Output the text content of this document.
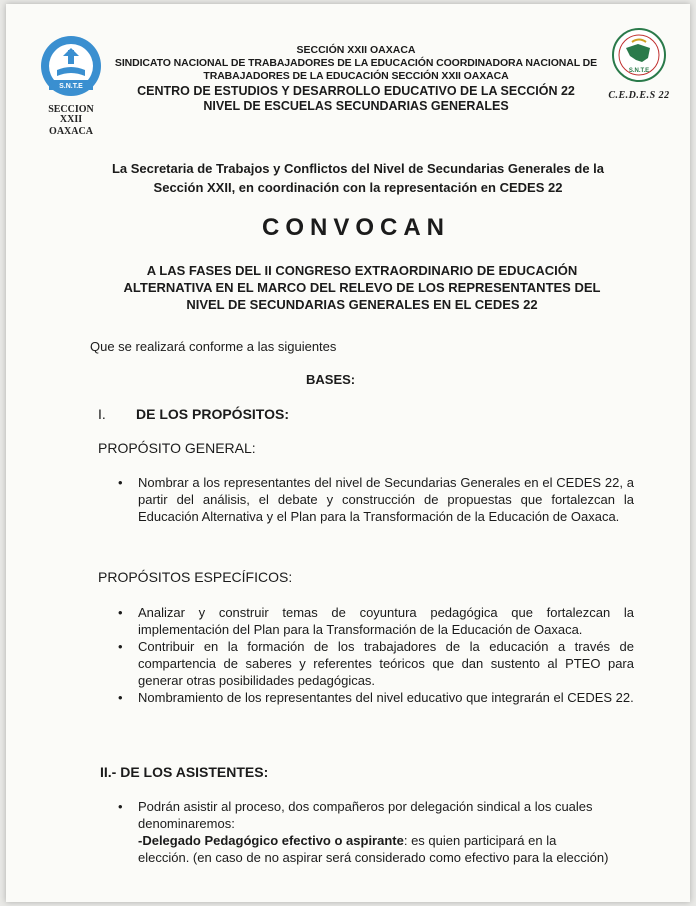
S.N.T.E
SECCION XXII
OAXACA
S.N.T.E
C.E.D.E.S 22
SECCIÓN XXII OAXACA
SINDICATO NACIONAL DE TRABAJADORES DE LA EDUCACIÓN COORDINADORA NACIONAL DE
TRABAJADORES DE LA EDUCACIÓN SECCIÓN XXII OAXACA
CENTRO DE ESTUDIOS Y DESARROLLO EDUCATIVO DE LA SECCIÓN 22
NIVEL DE ESCUELAS SECUNDARIAS GENERALES
La Secretaria de Trabajos y Conflictos del Nivel de Secundarias Generales de la
Sección XXII, en coordinación con la representación en CEDES 22
CONVOCAN
A LAS FASES DEL II CONGRESO EXTRAORDINARIO DE EDUCACIÓN
ALTERNATIVA EN EL MARCO DEL RELEVO DE LOS REPRESENTANTES DEL
NIVEL DE SECUNDARIAS GENERALES EN EL CEDES 22
Que se realizará conforme a las siguientes
BASES:
I. DE LOS PROPÓSITOS:
PROPÓSITO GENERAL:
• Nombrar a los representantes del nivel de Secundarias Generales en el CEDES 22, a partir del análisis, el debate y construcción de propuestas que fortalezcan la Educación Alternativa y el Plan para la Transformación de la Educación de Oaxaca.
PROPÓSITOS ESPECÍFICOS:
• Analizar y construir temas de coyuntura pedagógica que fortalezcan la implementación del Plan para la Transformación de la Educación de Oaxaca.
• Contribuir en la formación de los trabajadores de la educación a través de compartencia de saberes y referentes teóricos que dan sustento al PTEO para generar otras posibilidades pedagógicas.
• Nombramiento de los representantes del nivel educativo que integrarán el CEDES 22.
II.- DE LOS ASISTENTES:
• Podrán asistir al proceso, dos compañeros por delegación sindical a los cuales denominaremos:
-Delegado Pedagógico efectivo o aspirante: es quien participará en la elección. (en caso de no aspirar será considerado como efectivo para la elección)
